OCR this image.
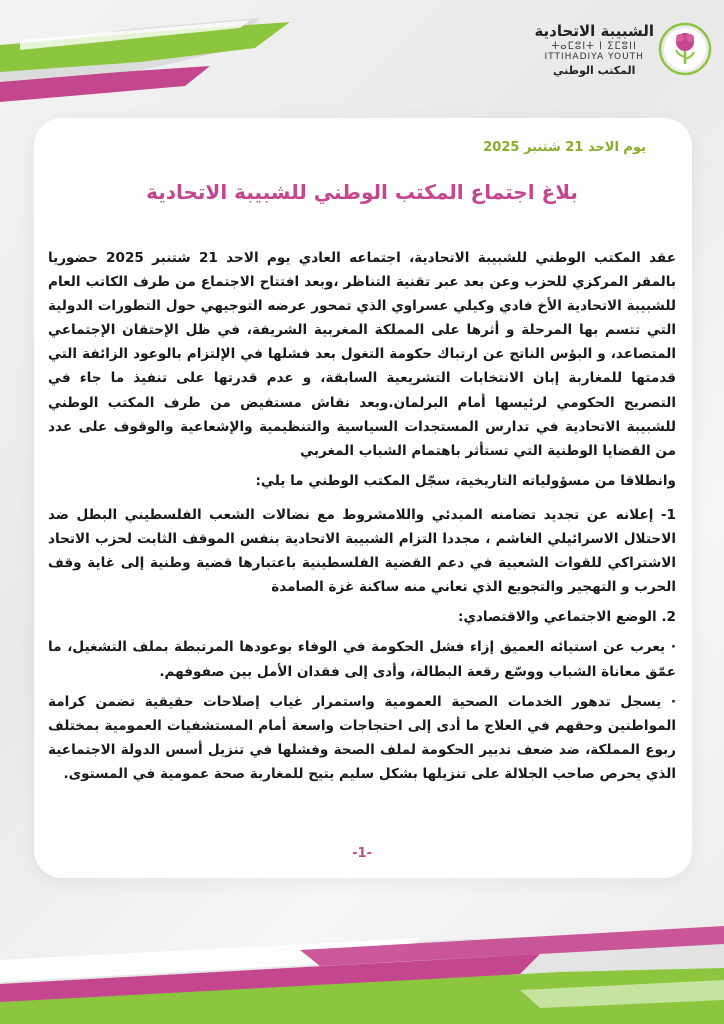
الشبيبة الاتحادية
ⵜⴰⵎⵓⵏⵜ ⵏ ⵉⵎⵓⵏⵏ
ITTIHADIYA YOUTH
المكتب الوطني
يوم الاحد 21 شتنبر 2025
بلاغ اجتماع المكتب الوطني للشبيبة الاتحادية

عقد المكتب الوطني للشبيبة الاتحادية، اجتماعه العادي يوم الاحد 21 شتنبر 2025 حضوريا بالمقر المركزي للحزب وعن بعد عبر تقنية التناظر ،وبعد افتتاح الاجتماع من طرف الكاتب العام للشبيبة الاتحادية الأخ فادي وكيلي عسراوي الذي تمحور عرضه التوجيهي حول التطورات الدولية التي تتسم بها المرحلة و أثرها على المملكة المغربية الشريفة، في ظل الإحتقان الإجتماعي المتصاعد، و البؤس الناتج عن ارتباك حكومة التغول بعد فشلها في الإلتزام بالوعود الزائفة التي قدمتها للمغاربة إبان الانتخابات التشريعية السابقة، و عدم قدرتها على تنفيذ ما جاء في التصريح الحكومي لرئيسها أمام البرلمان.وبعد نقاش مستفيض من طرف المكتب الوطني للشبيبة الاتحادية في تدارس المستجدات السياسية والتنظيمية والإشعاعية والوقوف على عدد من القضايا الوطنية التي تستأثر باهتمام الشباب المغربي

وانطلاقا من مسؤولياته التاريخية، سجّل المكتب الوطني ما يلي:

1- إعلانه عن تجديد تضامنه المبدئي واللامشروط مع نضالات الشعب الفلسطيني البطل ضد الاحتلال الاسرائيلي الغاشم ، مجددا التزام الشبيبة الاتحادية بنفس الموقف الثابت لحزب الاتحاد الاشتراكي للقوات الشعبية في دعم القضية الفلسطينية باعتبارها قضية وطنية إلى غاية وقف الحرب و التهجير والتجويع الذي تعاني منه ساكنة غزة الصامدة

2. الوضع الاجتماعي والاقتصادي:

· يعرب عن استيائه العميق إزاء فشل الحكومة في الوفاء بوعودها المرتبطة بملف التشغيل، ما عمّق معاناة الشباب ووسّع رقعة البطالة، وأدى إلى فقدان الأمل بين صفوفهم.

· يسجل تدهور الخدمات الصحية العمومية واستمرار غياب إصلاحات حقيقية تضمن كرامة المواطنين وحقهم في العلاج ما أدى إلى احتجاجات واسعة أمام المستشفيات العمومية بمختلف ربوع المملكة، ضد ضعف تدبير الحكومة لملف الصحة وفشلها في تنزيل أسس الدولة الاجتماعية الذي يحرص صاحب الجلالة على تنزيلها بشكل سليم يتيح للمغاربة صحة عمومية في المستوى.

-1-
